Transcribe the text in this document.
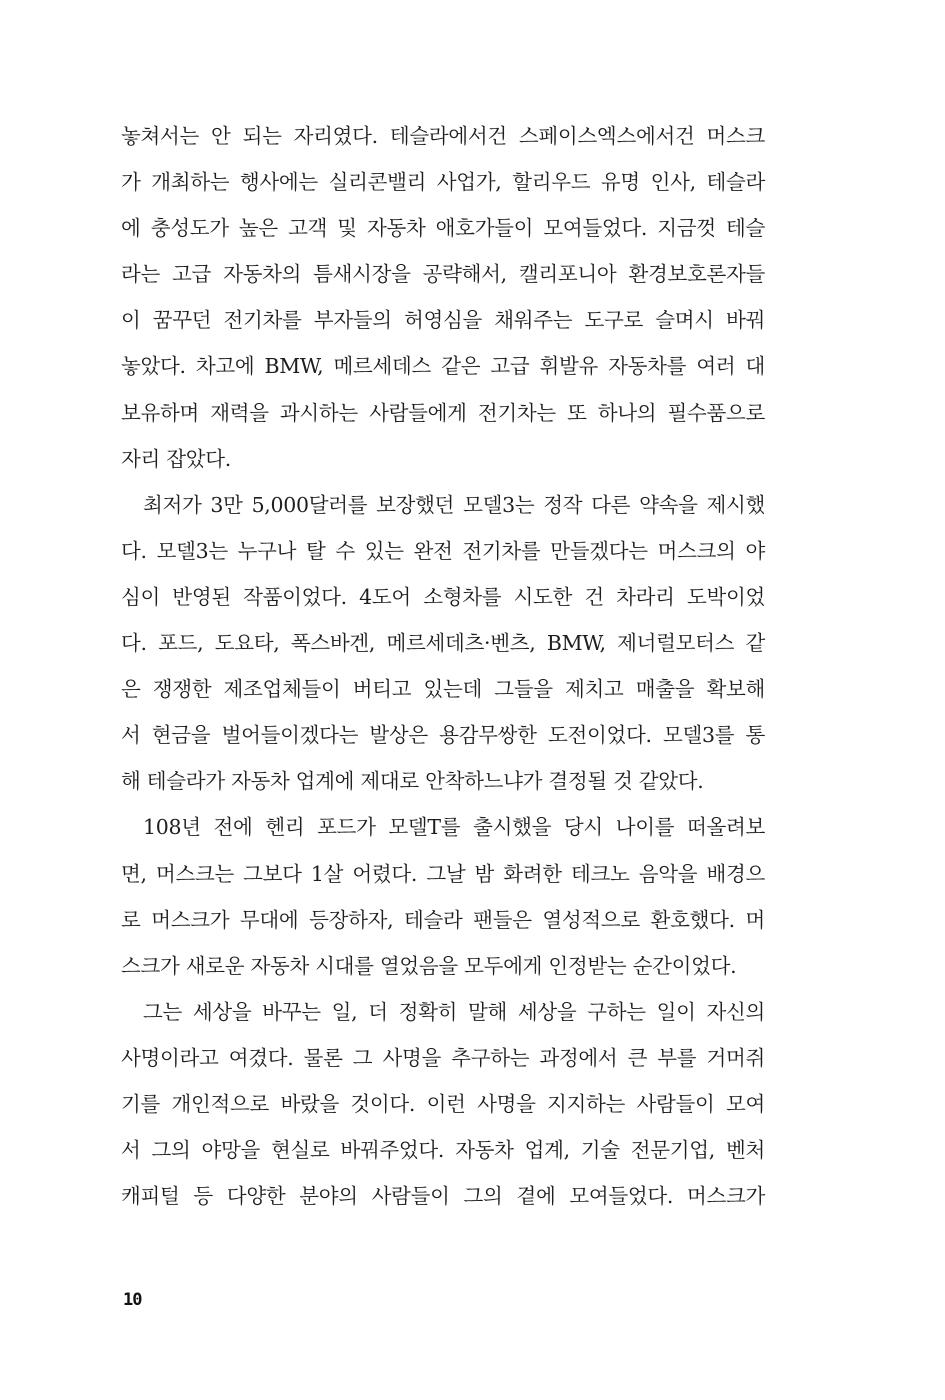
놓쳐서는 안 되는 자리였다. 테슬라에서건 스페이스엑스에서건 머스크
가 개최하는 행사에는 실리콘밸리 사업가, 할리우드 유명 인사, 테슬라
에 충성도가 높은 고객 및 자동차 애호가들이 모여들었다. 지금껏 테슬
라는 고급 자동차의 틈새시장을 공략해서, 캘리포니아 환경보호론자들
이 꿈꾸던 전기차를 부자들의 허영심을 채워주는 도구로 슬며시 바꿔
놓았다. 차고에 BMW, 메르세데스 같은 고급 휘발유 자동차를 여러 대
보유하며 재력을 과시하는 사람들에게 전기차는 또 하나의 필수품으로
자리 잡았다.
최저가 3만 5,000달러를 보장했던 모델3는 정작 다른 약속을 제시했
다. 모델3는 누구나 탈 수 있는 완전 전기차를 만들겠다는 머스크의 야
심이 반영된 작품이었다. 4도어 소형차를 시도한 건 차라리 도박이었
다. 포드, 도요타, 폭스바겐, 메르세데츠·벤츠, BMW, 제너럴모터스 같
은 쟁쟁한 제조업체들이 버티고 있는데 그들을 제치고 매출을 확보해
서 현금을 벌어들이겠다는 발상은 용감무쌍한 도전이었다. 모델3를 통
해 테슬라가 자동차 업계에 제대로 안착하느냐가 결정될 것 같았다.
108년 전에 헨리 포드가 모델T를 출시했을 당시 나이를 떠올려보
면, 머스크는 그보다 1살 어렸다. 그날 밤 화려한 테크노 음악을 배경으
로 머스크가 무대에 등장하자, 테슬라 팬들은 열성적으로 환호했다. 머
스크가 새로운 자동차 시대를 열었음을 모두에게 인정받는 순간이었다.
그는 세상을 바꾸는 일, 더 정확히 말해 세상을 구하는 일이 자신의
사명이라고 여겼다. 물론 그 사명을 추구하는 과정에서 큰 부를 거머쥐
기를 개인적으로 바랐을 것이다. 이런 사명을 지지하는 사람들이 모여
서 그의 야망을 현실로 바꿔주었다. 자동차 업계, 기술 전문기업, 벤처
캐피털 등 다양한 분야의 사람들이 그의 곁에 모여들었다. 머스크가
10
